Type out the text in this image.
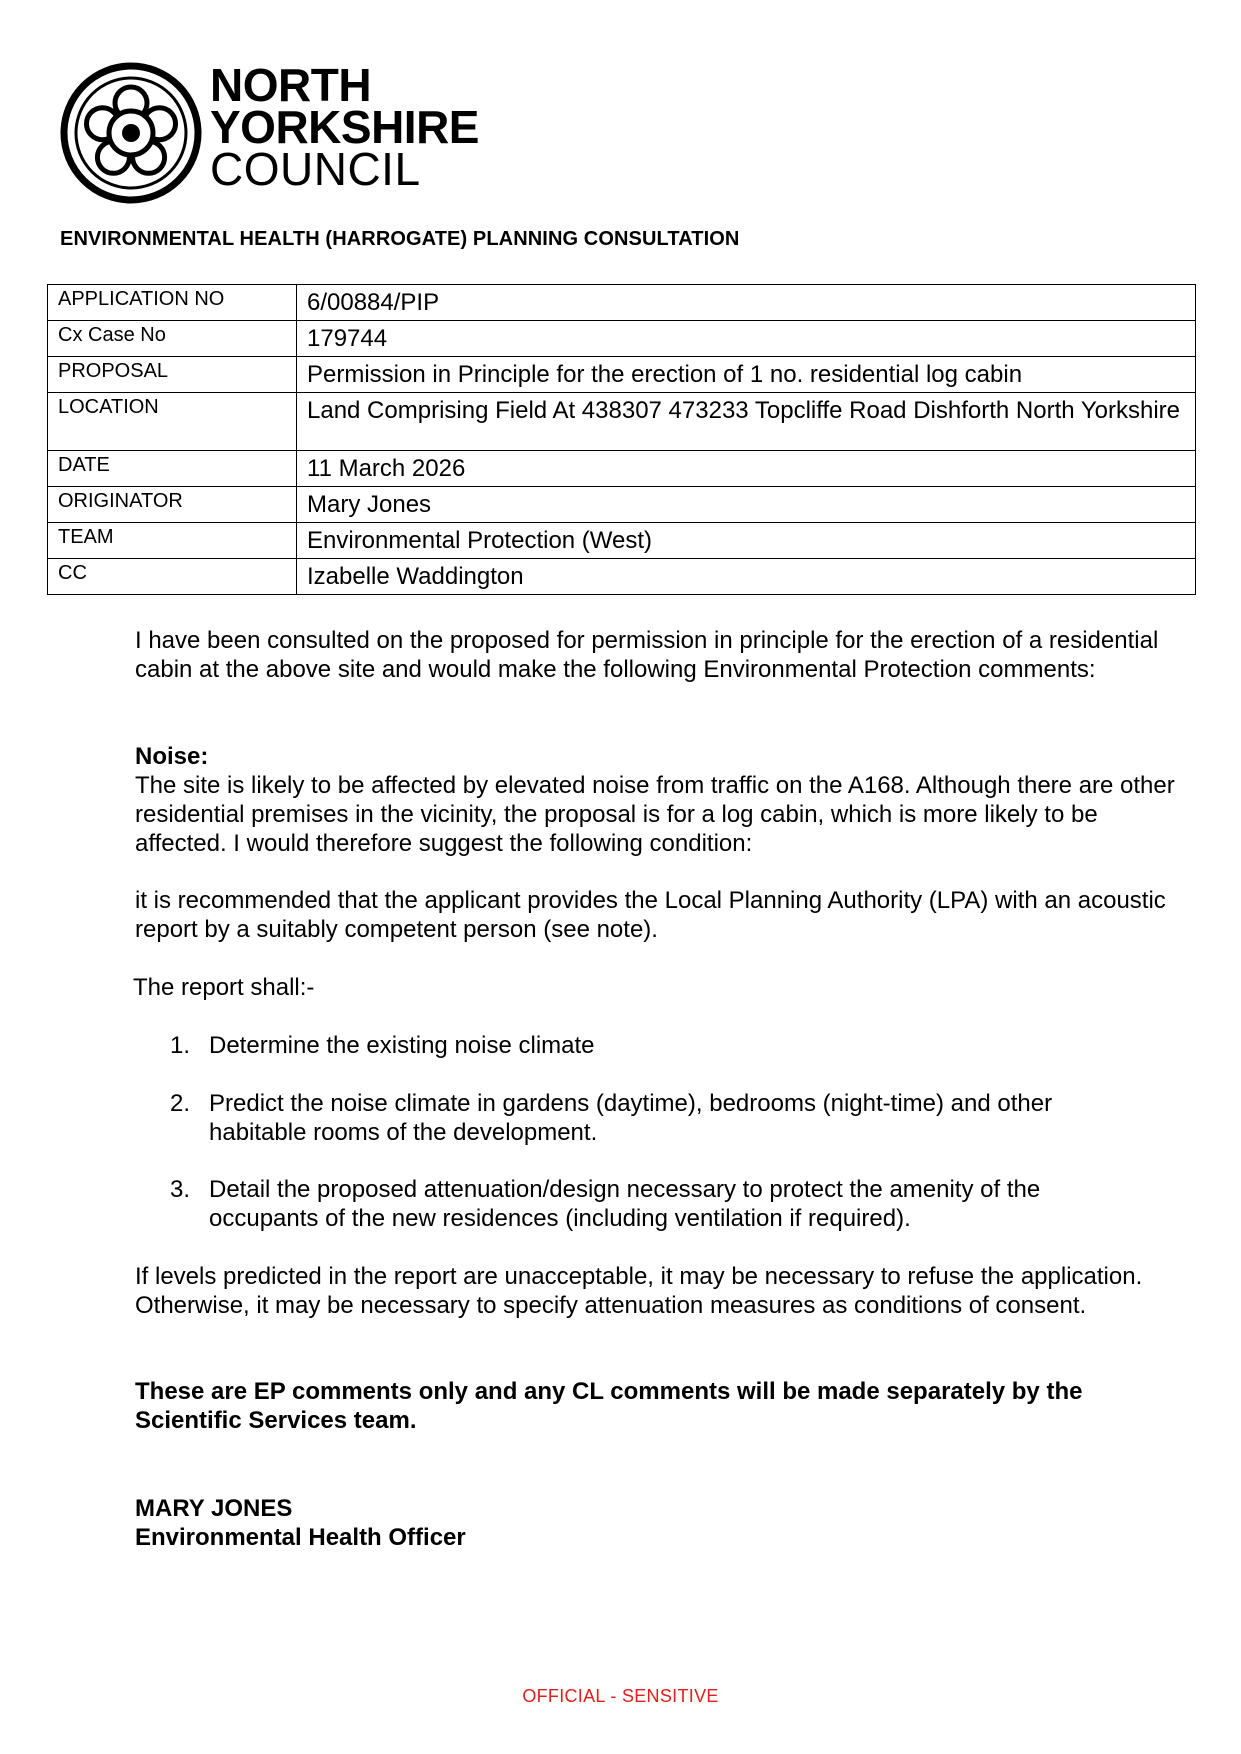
NORTH
YORKSHIRE
COUNCIL
ENVIRONMENTAL HEALTH (HARROGATE) PLANNING CONSULTATION
APPLICATION NO	6/00884/PIP
Cx Case No	179744
PROPOSAL	Permission in Principle for the erection of 1 no. residential log cabin
LOCATION	Land Comprising Field At 438307 473233 Topcliffe Road Dishforth North Yorkshire
DATE	11 March 2026
ORIGINATOR	Mary Jones
TEAM	Environmental Protection (West)
CC	Izabelle Waddington

I have been consulted on the proposed for permission in principle for the erection of a residential cabin at the above site and would make the following Environmental Protection comments:

Noise:

The site is likely to be affected by elevated noise from traffic on the A168. Although there are other residential premises in the vicinity, the proposal is for a log cabin, which is more likely to be affected. I would therefore suggest the following condition:

it is recommended that the applicant provides the Local Planning Authority (LPA) with an acoustic report by a suitably competent person (see note).

The report shall:-

1. Determine the existing noise climate
2. Predict the noise climate in gardens (daytime), bedrooms (night-time) and other habitable rooms of the development.
3. Detail the proposed attenuation/design necessary to protect the amenity of the occupants of the new residences (including ventilation if required).

If levels predicted in the report are unacceptable, it may be necessary to refuse the application. Otherwise, it may be necessary to specify attenuation measures as conditions of consent.

These are EP comments only and any CL comments will be made separately by the Scientific Services team.

MARY JONES

Environmental Health Officer

OFFICIAL - SENSITIVE
